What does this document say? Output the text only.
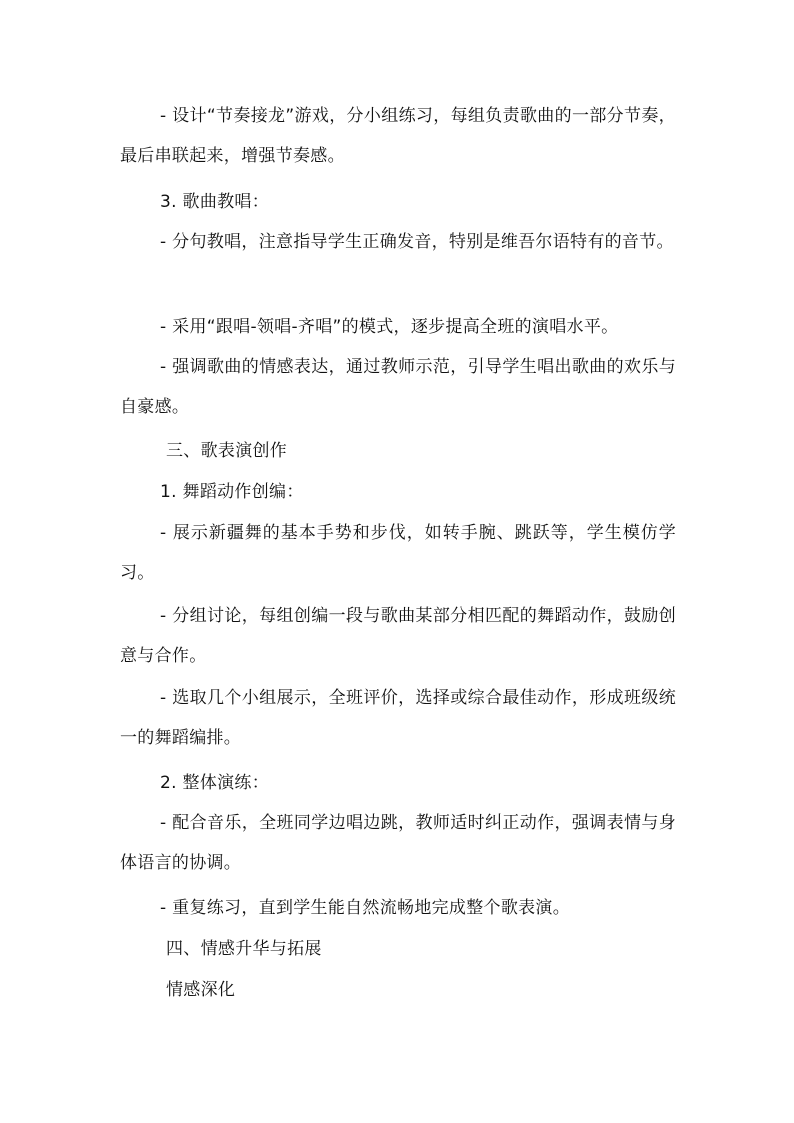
- 设计“节奏接龙”游戏，分小组练习，每组负责歌曲的一部分节奏，最后串联起来，增强节奏感。

3. 歌曲教唱：

- 分句教唱，注意指导学生正确发音，特别是维吾尔语特有的音节。

- 采用“跟唱-领唱-齐唱”的模式，逐步提高全班的演唱水平。

- 强调歌曲的情感表达，通过教师示范，引导学生唱出歌曲的欢乐与自豪感。

三、歌表演创作

1. 舞蹈动作创编：

- 展示新疆舞的基本手势和步伐，如转手腕、跳跃等，学生模仿学习。

- 分组讨论，每组创编一段与歌曲某部分相匹配的舞蹈动作，鼓励创意与合作。

- 选取几个小组展示，全班评价，选择或综合最佳动作，形成班级统一的舞蹈编排。

2. 整体演练：

- 配合音乐，全班同学边唱边跳，教师适时纠正动作，强调表情与身体语言的协调。

- 重复练习，直到学生能自然流畅地完成整个歌表演。

四、情感升华与拓展

情感深化
